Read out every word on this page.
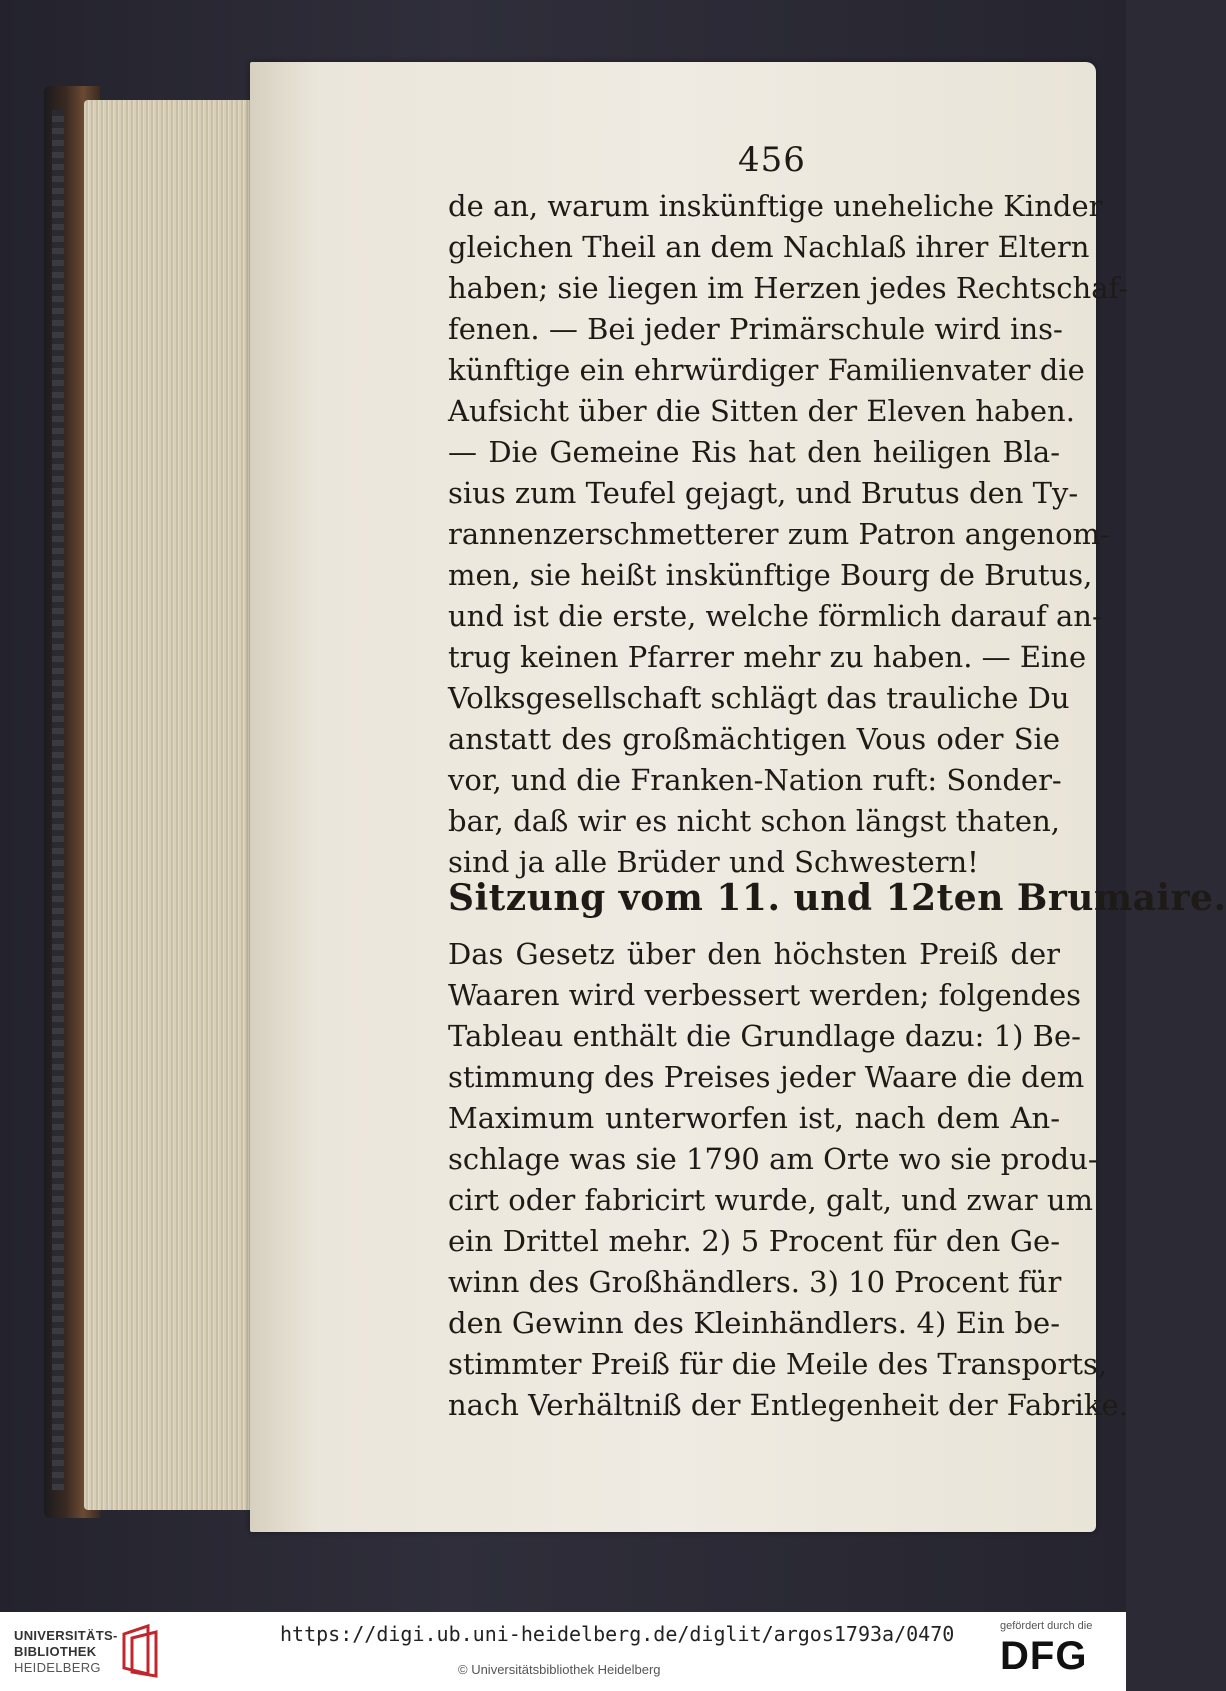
456
de an, warum inskünftige uneheliche Kinder
gleichen Theil an dem Nachlaß ihrer Eltern
haben; sie liegen im Herzen jedes Rechtschaf-
fenen. — Bei jeder Primärschule wird ins-
künftige ein ehrwürdiger Familienvater die
Aufsicht über die Sitten der Eleven haben.
— Die Gemeine Ris hat den heiligen Bla-
sius zum Teufel gejagt, und Brutus den Ty-
rannenzerschmetterer zum Patron angenom-
men, sie heißt inskünftige Bourg de Brutus,
und ist die erste, welche förmlich darauf an-
trug keinen Pfarrer mehr zu haben. — Eine
Volksgesellschaft schlägt das trauliche Du
anstatt des großmächtigen Vous oder Sie
vor, und die Franken-Nation ruft: Sonder-
bar, daß wir es nicht schon längst thaten,
sind ja alle Brüder und Schwestern!
Sitzung vom 11. und 12ten Brumaire.
Das Gesetz über den höchsten Preiß der
Waaren wird verbessert werden; folgendes
Tableau enthält die Grundlage dazu: 1) Be-
stimmung des Preises jeder Waare die dem
Maximum unterworfen ist, nach dem An-
schlage was sie 1790 am Orte wo sie produ-
cirt oder fabricirt wurde, galt, und zwar um
ein Drittel mehr. 2) 5 Procent für den Ge-
winn des Großhändlers. 3) 10 Procent für
den Gewinn des Kleinhändlers. 4) Ein be-
stimmter Preiß für die Meile des Transports,
nach Verhältniß der Entlegenheit der Fabrike.
UNIVERSITÄTS-
BIBLIOTHEK
HEIDELBERG
https://digi.ub.uni-heidelberg.de/diglit/argos1793a/0470
© Universitätsbibliothek Heidelberg
gefördert durch die
DFG
